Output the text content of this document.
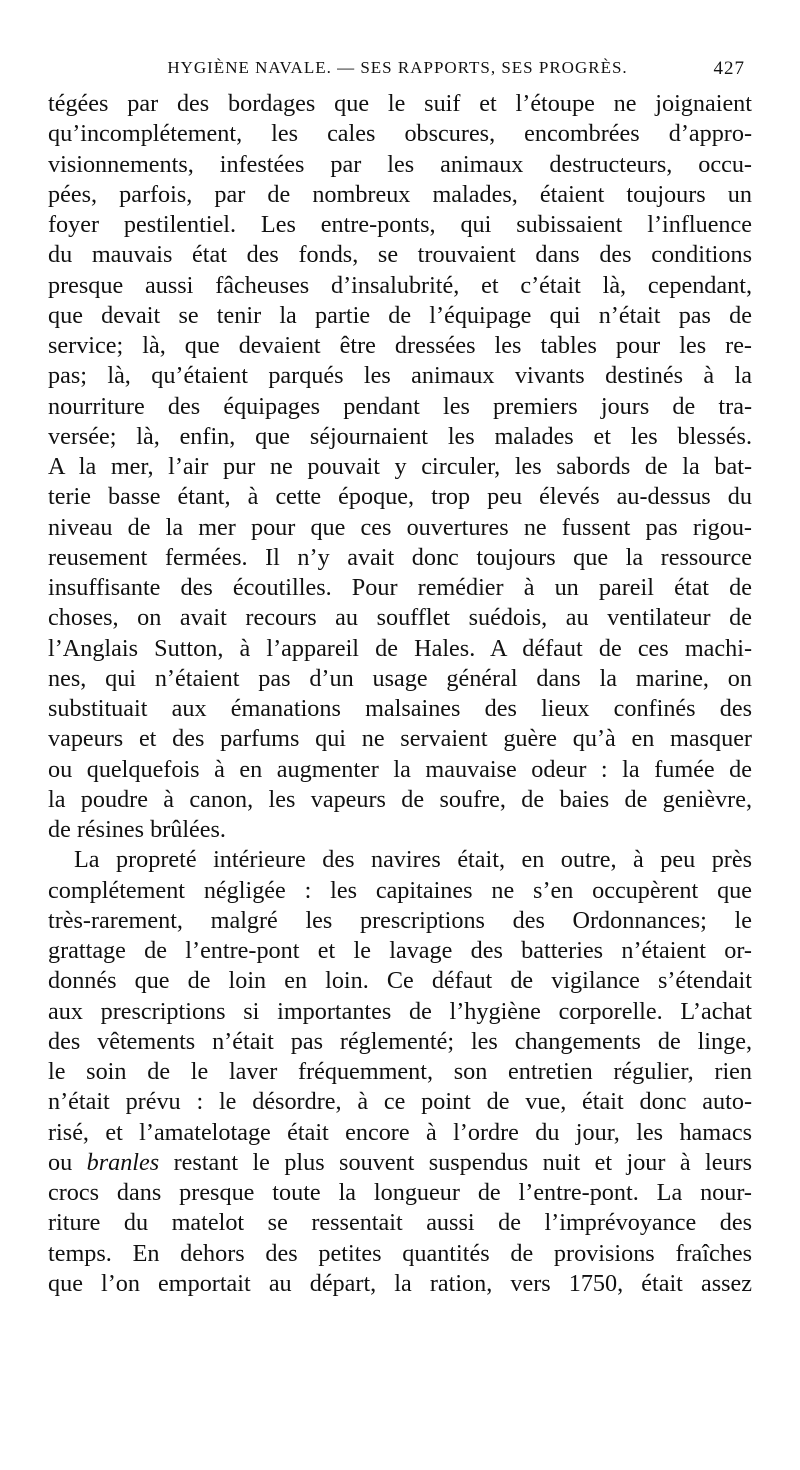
HYGIÈNE NAVALE. — SES RAPPORTS, SES PROGRÈS.	427
tégées par des bordages que le suif et l’étoupe ne joignaient
qu’incomplétement, les cales obscures, encombrées d’appro-
visionnements, infestées par les animaux destructeurs, occu-
pées, parfois, par de nombreux malades, étaient toujours un
foyer pestilentiel. Les entre-ponts, qui subissaient l’influence
du mauvais état des fonds, se trouvaient dans des conditions
presque aussi fâcheuses d’insalubrité, et c’était là, cependant,
que devait se tenir la partie de l’équipage qui n’était pas de
service; là, que devaient être dressées les tables pour les re-
pas; là, qu’étaient parqués les animaux vivants destinés à la
nourriture des équipages pendant les premiers jours de tra-
versée; là, enfin, que séjournaient les malades et les blessés.
A la mer, l’air pur ne pouvait y circuler, les sabords de la bat-
terie basse étant, à cette époque, trop peu élevés au-dessus du
niveau de la mer pour que ces ouvertures ne fussent pas rigou-
reusement fermées. Il n’y avait donc toujours que la ressource
insuffisante des écoutilles. Pour remédier à un pareil état de
choses, on avait recours au soufflet suédois, au ventilateur de
l’Anglais Sutton, à l’appareil de Hales. A défaut de ces machi-
nes, qui n’étaient pas d’un usage général dans la marine, on
substituait aux émanations malsaines des lieux confinés des
vapeurs et des parfums qui ne servaient guère qu’à en masquer
ou quelquefois à en augmenter la mauvaise odeur : la fumée de
la poudre à canon, les vapeurs de soufre, de baies de genièvre,
de résines brûlées.
La propreté intérieure des navires était, en outre, à peu près
complétement négligée : les capitaines ne s’en occupèrent que
très-rarement, malgré les prescriptions des Ordonnances; le
grattage de l’entre-pont et le lavage des batteries n’étaient or-
donnés que de loin en loin. Ce défaut de vigilance s’étendait
aux prescriptions si importantes de l’hygiène corporelle. L’achat
des vêtements n’était pas réglementé; les changements de linge,
le soin de le laver fréquemment, son entretien régulier, rien
n’était prévu : le désordre, à ce point de vue, était donc auto-
risé, et l’amatelotage était encore à l’ordre du jour, les hamacs
ou branles restant le plus souvent suspendus nuit et jour à leurs
crocs dans presque toute la longueur de l’entre-pont. La nour-
riture du matelot se ressentait aussi de l’imprévoyance des
temps. En dehors des petites quantités de provisions fraîches
que l’on emportait au départ, la ration, vers 1750, était assez
